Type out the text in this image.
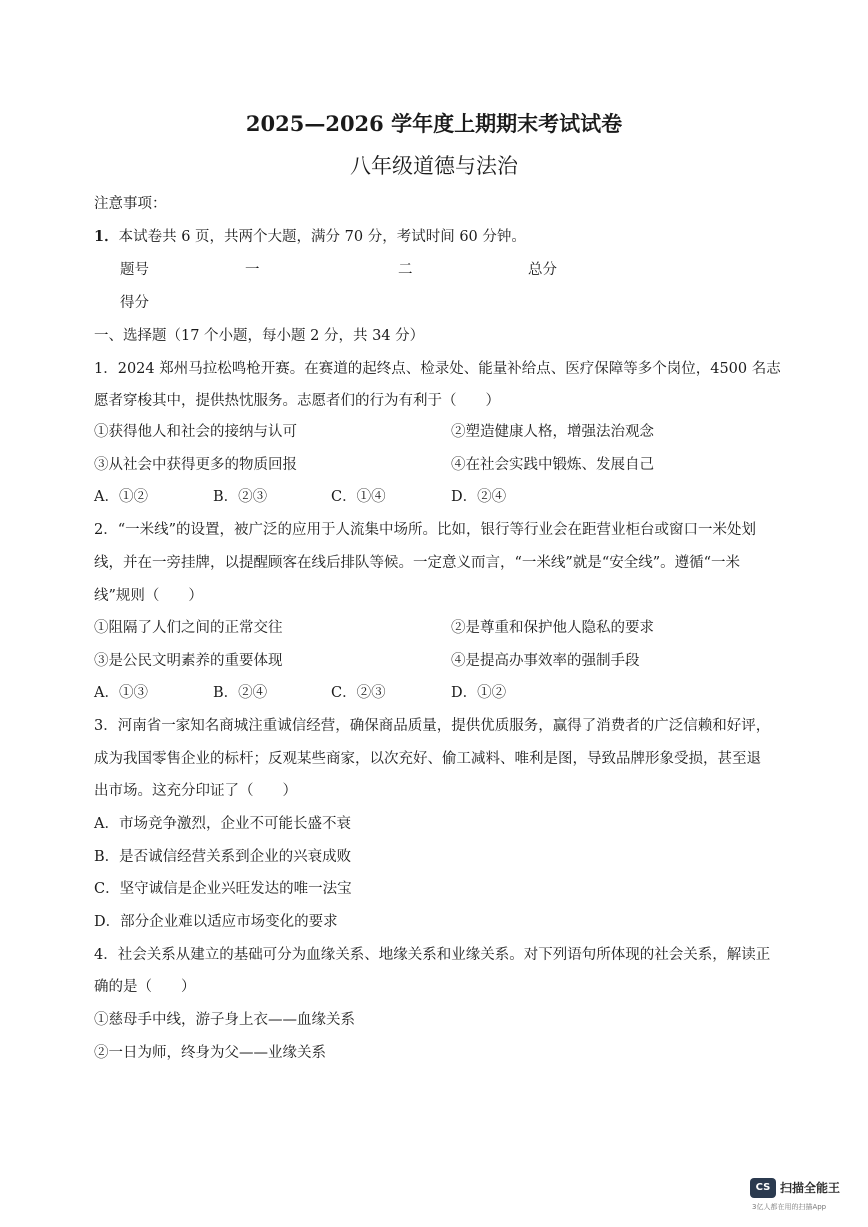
2025—2026 学年度上期期末考试试卷
八年级道德与法治
注意事项：
1．本试卷共 6 页，共两个大题，满分 70 分，考试时间 60 分钟。
题号	一	二	总分
得分
一、选择题（17 个小题，每小题 2 分，共 34 分）
1．2024 郑州马拉松鸣枪开赛。在赛道的起终点、检录处、能量补给点、医疗保障等多个岗位，4500 名志
愿者穿梭其中，提供热忱服务。志愿者们的行为有利于（　　）
①获得他人和社会的接纳与认可	②塑造健康人格，增强法治观念
③从社会中获得更多的物质回报	④在社会实践中锻炼、发展自己
A．①②	B．②③	C．①④	D．②④
2．“一米线”的设置，被广泛的应用于人流集中场所。比如，银行等行业会在距营业柜台或窗口一米处划
线，并在一旁挂牌，以提醒顾客在线后排队等候。一定意义而言，“一米线”就是“安全线”。遵循“一米
线”规则（　　）
①阻隔了人们之间的正常交往	②是尊重和保护他人隐私的要求
③是公民文明素养的重要体现	④是提高办事效率的强制手段
A．①③	B．②④	C．②③	D．①②
3．河南省一家知名商城注重诚信经营，确保商品质量，提供优质服务，赢得了消费者的广泛信赖和好评，
成为我国零售企业的标杆；反观某些商家，以次充好、偷工减料、唯利是图，导致品牌形象受损，甚至退
出市场。这充分印证了（　　）
A．市场竞争激烈，企业不可能长盛不衰
B．是否诚信经营关系到企业的兴衰成败
C．坚守诚信是企业兴旺发达的唯一法宝
D．部分企业难以适应市场变化的要求
4．社会关系从建立的基础可分为血缘关系、地缘关系和业缘关系。对下列语句所体现的社会关系，解读正
确的是（　　）
①慈母手中线，游子身上衣——血缘关系
②一日为师，终身为父——业缘关系
CS 扫描全能王
3亿人都在用的扫描App
